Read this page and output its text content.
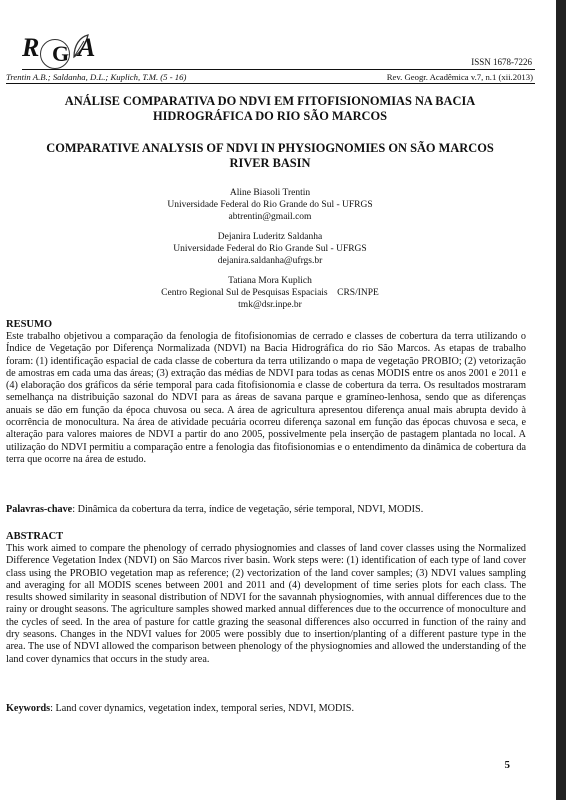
R G A	ISSN 1678-7226
Trentin A.B.; Saldanha, D.L.; Kuplich, T.M. (5 - 16)	Rev. Geogr. Acadêmica v.7, n.1 (xii.2013)
ANÁLISE COMPARATIVA DO NDVI EM FITOFISIONOMIAS NA BACIA
HIDROGRÁFICA DO RIO SÃO MARCOS
COMPARATIVE ANALYSIS OF NDVI IN PHYSIOGNOMIES ON SÃO MARCOS
RIVER BASIN
Aline Biasoli Trentin
Universidade Federal do Rio Grande do Sul - UFRGS
abtrentin@gmail.com
Dejanira Luderitz Saldanha
Universidade Federal do Rio Grande Sul - UFRGS
dejanira.saldanha@ufrgs.br
Tatiana Mora Kuplich
Centro Regional Sul de Pesquisas Espaciais    CRS/INPE
tmk@dsr.inpe.br
RESUMO
Este trabalho objetivou a comparação da fenologia de fitofisionomias de cerrado e classes de cobertura da terra utilizando o Índice de Vegetação por Diferença Normalizada (NDVI) na Bacia Hidrográfica do rio São Marcos. As etapas de trabalho foram: (1) identificação espacial de cada classe de cobertura da terra utilizando o mapa de vegetação PROBIO; (2) vetorização de amostras em cada uma das áreas; (3) extração das médias de NDVI para todas as cenas MODIS entre os anos 2001 e 2011 e (4) elaboração dos gráficos da série temporal para cada fitofisionomia e classe de cobertura da terra. Os resultados mostraram semelhança na distribuição sazonal do NDVI para as áreas de savana parque e gramíneo-lenhosa, sendo que as diferenças anuais se dão em função da época chuvosa ou seca. A área de agricultura apresentou diferença anual mais abrupta devido à ocorrência de monocultura. Na área de atividade pecuária ocorreu diferença sazonal em função das épocas chuvosa e seca, e alteração para valores maiores de NDVI a partir do ano 2005, possivelmente pela inserção de pastagem plantada no local. A utilização do NDVI permitiu a comparação entre a fenologia das fitofisionomias e o entendimento da dinâmica de cobertura da terra que ocorre na área de estudo.
Palavras-chave: Dinâmica da cobertura da terra, índice de vegetação, série temporal, NDVI, MODIS.
ABSTRACT
This work aimed to compare the phenology of cerrado physiognomies and classes of land cover classes using the Normalized Difference Vegetation Index (NDVI) on São Marcos river basin. Work steps were: (1) identification of each type of land cover class using the PROBIO vegetation map as reference; (2) vectorization of the land cover samples; (3) NDVI values sampling and averaging for all MODIS scenes between 2001 and 2011 and (4) development of time series plots for each class. The results showed similarity in seasonal distribution of NDVI for the savannah physiognomies, with annual differences due to the rainy or drought seasons. The agriculture samples showed marked annual differences due to the occurrence of monoculture and the cycles of seed. In the area of pasture for cattle grazing the seasonal differences also occurred in function of the rainy and dry seasons. Changes in the NDVI values for 2005 were possibly due to insertion/planting of a different pasture type in the area. The use of NDVI allowed the comparison between phenology of the physiognomies and allowed the understanding of the land cover dynamics that occurs in the study area.
Keywords: Land cover dynamics, vegetation index, temporal series, NDVI, MODIS.
5
